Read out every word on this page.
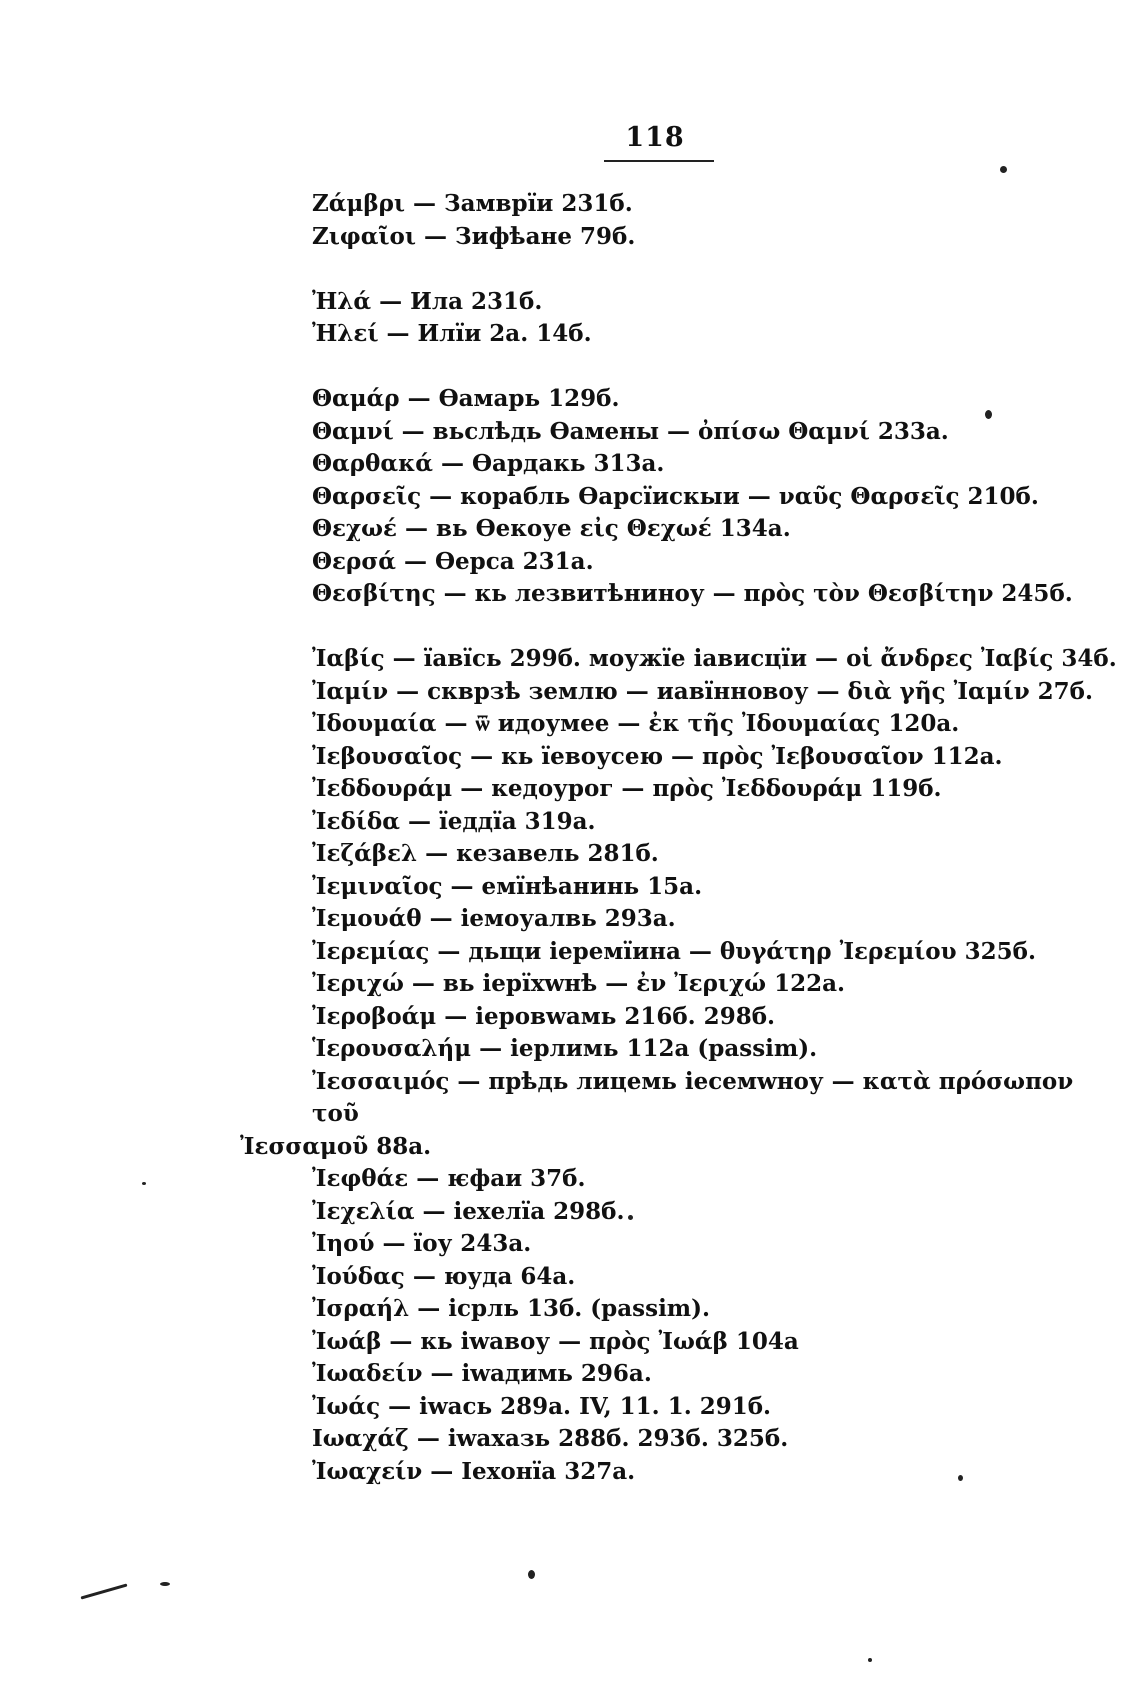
118
Ζάμβρι — Замврїи 231б.
Ζιφαῖοι — Зифѣане 79б.
Ἠλά — Ила 231б.
Ἠλεί — Илїи 2а. 14б.
Θαμάρ — Ѳамарь 129б.
Θαμνί — вьслѣдь Ѳамены — ὀπίσω Θαμνί 233а.
Θαρθακά — Ѳардакь 313а.
Θαρσεῖς — корабль Ѳарсїискыи — ναῦς Θαρσεῖς 210б.
Θεχωέ — вь Ѳекоуе εἰς Θεχωέ 134а.
Θερσά — Ѳерса 231а.
Θεσβίτης — кь лезвитѣниноу — πρὸς τὸν Θεσβίτην 245б.
Ἰαβίς — їавїсь 299б. моужїе iависцїи — οἱ ἄνδρες Ἰαβίς 34б.
Ἰαμίν — скврзѣ землю — иавїнновоу — διὰ γῆς Ἰαμίν 27б.
Ἰδουμαία — ѿ идоумее — ἐκ τῆς Ἰδουμαίας 120а.
Ἰεβουσαῖος — кь їевоусею — πρὸς Ἰεβουσαῖον 112а.
Ἰεδδουράμ — кедоурог — πρὸς Ἰεδδουράμ 119б.
Ἰεδίδα — їеддїа 319а.
Ἰεζάβελ — кезавель 281б.
Ἰεμιναῖος — емїнѣанинь 15а.
Ἰεμουάθ — iемоуалвь 293а.
Ἰερεμίας — дьщи iеремїина — θυγάτηρ Ἰερεμίου 325б.
Ἰεριχώ — вь iерїхwнѣ — ἐν Ἰεριχώ 122а.
Ἰεροβοάμ — iеровwамь 216б. 298б.
Ἱερουσαλήμ — iерлимь 112а (passim).
Ἰεσσαιμός — прѣдь лицемь iесемwноу — κατὰ πρόσωπον τοῦ
Ἰεσσαμοῦ 88а.
Ἰεφθάε — ѥфаи 37б.
Ἰεχελία — iехелїа 298б.
Ἰηού — їоу 243а.
Ἰούδας — юуда 64а.
Ἰσραήλ — iсрль 13б. (passim).
Ἰωάβ — кь iwавоу — πρὸς Ἰωάβ 104а
Ἰωαδείν — iwадимь 296а.
Ἰωάς — iwась 289а. IV, 11. 1. 291б.
Ιωαχάζ — iwахазь 288б. 293б. 325б.
Ἰωαχείν — Iехонїа 327а.
